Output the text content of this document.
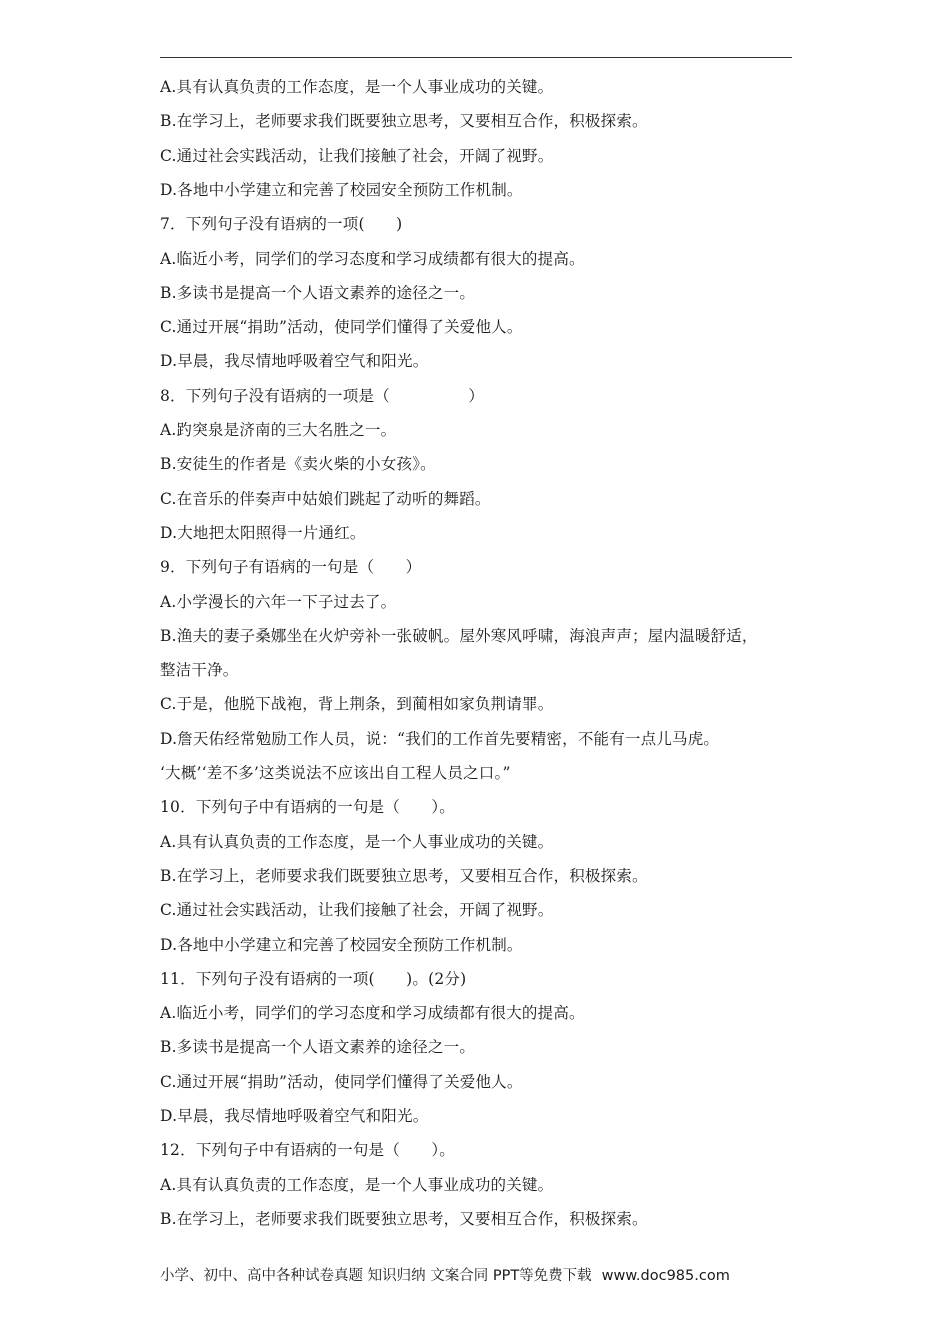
A.具有认真负责的工作态度，是一个人事业成功的关键。
B.在学习上，老师要求我们既要独立思考，又要相互合作，积极探索。
C.通过社会实践活动，让我们接触了社会，开阔了视野。
D.各地中小学建立和完善了校园安全预防工作机制。
7．下列句子没有语病的一项(　　)
A.临近小考，同学们的学习态度和学习成绩都有很大的提高。
B.多读书是提高一个人语文素养的途径之一。
C.通过开展“捐助”活动，使同学们懂得了关爱他人。
D.早晨，我尽情地呼吸着空气和阳光。
8．下列句子没有语病的一项是（　　　　　）
A.趵突泉是济南的三大名胜之一。
B.安徒生的作者是《卖火柴的小女孩》。
C.在音乐的伴奏声中姑娘们跳起了动听的舞蹈。
D.大地把太阳照得一片通红。
9．下列句子有语病的一句是（　　）
A.小学漫长的六年一下子过去了。
B.渔夫的妻子桑娜坐在火炉旁补一张破帆。屋外寒风呼啸，海浪声声；屋内温暖舒适，
整洁干净。
C.于是，他脱下战袍，背上荆条，到蔺相如家负荆请罪。
D.詹天佑经常勉励工作人员，说：“我们的工作首先要精密，不能有一点儿马虎。
‘大概’‘差不多’这类说法不应该出自工程人员之口。”
10．下列句子中有语病的一句是（　　）。
A.具有认真负责的工作态度，是一个人事业成功的关键。
B.在学习上，老师要求我们既要独立思考，又要相互合作，积极探索。
C.通过社会实践活动，让我们接触了社会，开阔了视野。
D.各地中小学建立和完善了校园安全预防工作机制。
11．下列句子没有语病的一项(　　)。(2分)
A.临近小考，同学们的学习态度和学习成绩都有很大的提高。
B.多读书是提高一个人语文素养的途径之一。
C.通过开展“捐助”活动，使同学们懂得了关爱他人。
D.早晨，我尽情地呼吸着空气和阳光。
12．下列句子中有语病的一句是（　　）。
A.具有认真负责的工作态度，是一个人事业成功的关键。
B.在学习上，老师要求我们既要独立思考，又要相互合作，积极探索。
小学、初中、高中各种试卷真题 知识归纳 文案合同 PPT等免费下载 www.doc985.com
